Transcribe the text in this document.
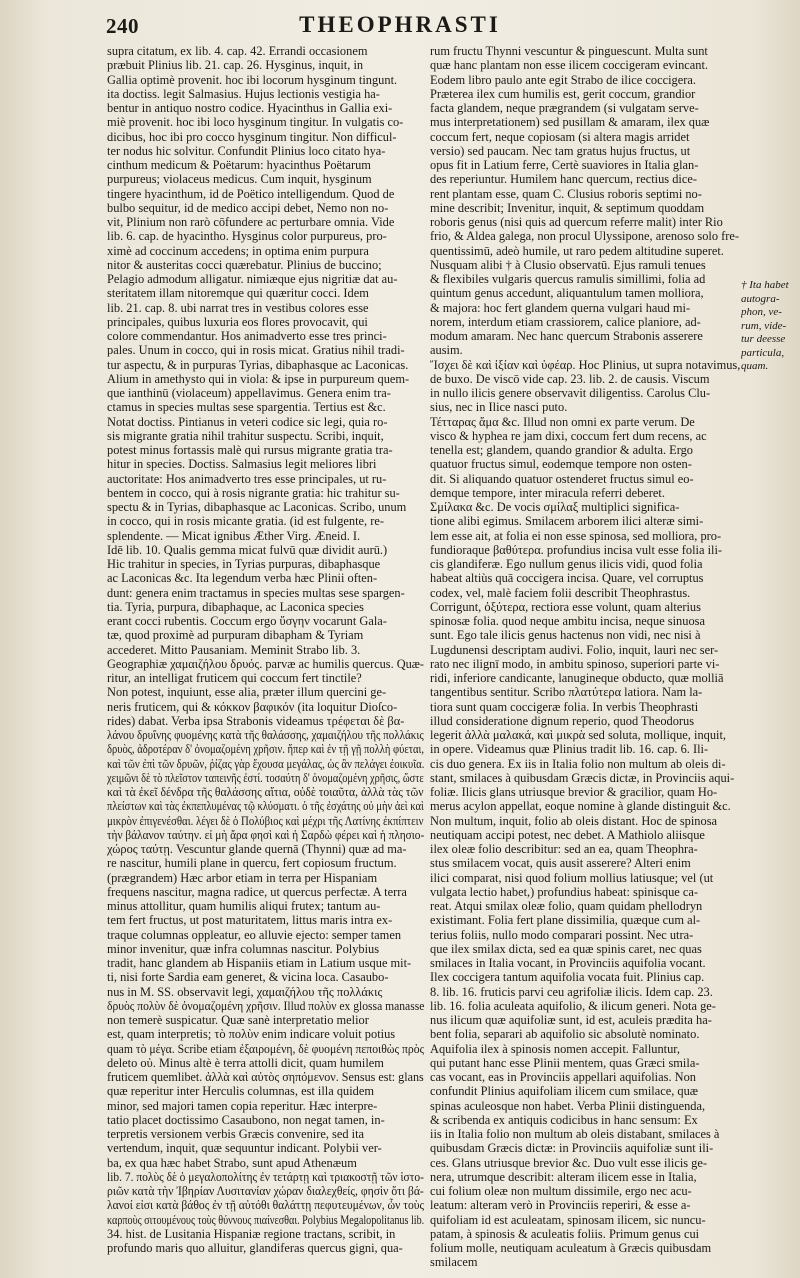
240	THEOPHRASTI
supra citatum, ex lib. 4. cap. 42. Errandi occasionem
præbuit Plinius lib. 21. cap. 26. Hysginus, inquit, in
Gallia optimè provenit. hoc ibi locorum hysginum tingunt.
ita doctiss. legit Salmasius. Hujus lectionis vestigia ha-
bentur in antiquo nostro codice. Hyacinthus in Gallia exi-
miè provenit. hoc ibi loco hysginum tingitur. In vulgatis co-
dicibus, hoc ibi pro cocco hysginum tingitur. Non difficul-
ter nodus hic solvitur. Confundit Plinius loco citato hya-
cinthum medicum & Poëtarum: hyacinthus Poëtarum
purpureus; violaceus medicus. Cum inquit, hysginum
tingere hyacinthum, id de Poëtico intelligendum. Quod de
bulbo sequitur, id de medico accipi debet, Nemo non no-
vit, Plinium non rarò cōfundere ac perturbare omnia. Vide
lib. 6. cap. de hyacintho. Hysginus color purpureus, pro-
ximè ad coccinum accedens; in optima enim purpura
nitor & austeritas cocci quærebatur. Plinius de buccino;
Pelagio admodum alligatur. nimiæque ejus nigritiæ dat au-
steritatem illam nitoremque qui quæritur cocci. Idem
lib. 21. cap. 8. ubi narrat tres in vestibus colores esse
principales, quibus luxuria eos flores provocavit, qui
colore commendantur. Hos animadverto esse tres princi-
pales. Unum in cocco, qui in rosis micat. Gratius nihil tradi-
tur aspectu, & in purpuras Tyrias, dibaphasque ac Laconicas.
Alium in amethysto qui in viola: & ipse in purpureum quem-
que ianthinū (violaceum) appellavimus. Genera enim tra-
ctamus in species multas sese spargentia. Tertius est &c.
Notat doctiss. Pintianus in veteri codice sic legi, quia ro-
sis migrante gratia nihil trahitur suspectu. Scribi, inquit,
potest minus fortassis malè qui rursus migrante gratia tra-
hitur in species. Doctiss. Salmasius legit meliores libri
auctoritate: Hos animadverto tres esse principales, ut ru-
bentem in cocco, qui à rosis nigrante gratia: hic trahitur su-
spectu & in Tyrias, dibaphasque ac Laconicas. Scribo, unum
in cocco, qui in rosis micante gratia. (id est fulgente, re-
splendente. — Micat ignibus Æther Virg. Æneid. I.
Idē lib. 10. Qualis gemma micat fulvū quæ dividit aurū.)
Hic trahitur in species, in Tyrias purpuras, dibaphasque
ac Laconicas &c. Ita legendum verba hæc Plinii often-
dunt: genera enim tractamus in species multas sese spargen-
tia. Tyria, purpura, dibaphaque, ac Laconica species
erant cocci rubentis. Coccum ergo ὕσγην vocarunt Gala-
tæ, quod proximè ad purpuram dibapham & Tyriam
accederet. Mitto Pausaniam. Meminit Strabo lib. 3.
Geographiæ χαμαιζήλου δρυός. parvæ ac humilis quercus. Quæ-
ritur, an intelligat fruticem qui coccum fert tinctile?
Non potest, inquiunt, esse alia, præter illum quercini ge-
neris fruticem, qui & κόκκον βαφικόν (ita loquitur Dioſco-
rides) dabat. Verba ipsa Strabonis videamus τρέφεται δὲ βα-
λάνου δρυΐνης φυομένης κατὰ τῆς θαλάσσης, χαμαιζήλου τῆς πολλάκις
δρυὸς, ἀδροτέραν δ' ὀνομαζομένη χρῆσιν. ἥπερ καὶ ἐν τῇ γῇ πολλὴ φύεται,
καὶ τῶν ἐπὶ τῶν δρυῶν, ῥίζας γὰρ ἔχουσα μεγάλας, ὡς ἂν πελάγει ἐοικυῖα.
χειμῶνι δὲ τὸ πλεῖστον ταπεινῆς ἐστί. τοσαύτη δ' ὀνομαζομένη χρῆσις, ὥστε
καὶ τὰ ἐκεῖ δένδρα τῆς θαλάσσης αἴτια, οὐδὲ τοιαῦτα, ἀλλὰ τὰς τῶν
πλείστων καὶ τὰς ἐκπεπλυμένας τῷ κλύσματι. ὁ τῆς ἐσχάτης οὐ μὴν ἀεὶ καὶ
μικρὸν ἐπιγενέσθαι. λέγει δὲ ὁ Πολύβιος καὶ μέχρι τῆς Λατίνης ἐκπίπτειν
τὴν βάλανον ταύτην. εἰ μὴ ἄρα φησὶ καὶ ἡ Σαρδὼ φέρει καὶ ἡ πλησιο-
χώρος ταύτῃ. Vescuntur glande quernā (Thynni) quæ ad ma-
re nascitur, humili plane in quercu, fert copiosum fructum.
(prægrandem) Hæc arbor etiam in terra per Hispaniam
frequens nascitur, magna radice, ut quercus perfectæ. A terra
minus attollitur, quam humilis aliqui frutex; tantum au-
tem fert fructus, ut post maturitatem, littus maris intra ex-
traque columnas oppleatur, eo alluvie ejecto: semper tamen
minor invenitur, quæ infra columnas nascitur. Polybius
tradit, hanc glandem ab Hispaniis etiam in Latium usque mit-
ti, nisi forte Sardia eam generet, & vicina loca. Casaubo-
nus in M. SS. observavit legi, χαμαιζήλου τῆς πολλάκις
δρυὸς πολὺν δὲ ὀνομαζομένη χρῆσιν. Illud πολὺν ex glossa manasse
non temerè suspicatur. Quæ sanè interpretatio melior
est, quam interpretis; τὸ πολὺν enim indicare voluit potius
quam τὸ μέγα. Scribe etiam ἐξαιρομένη, δὲ φυομένη πεποιθὼς πρὸς
deleto οὐ. Minus altè è terra attolli dicit, quam humilem
fruticem quemlibet. ἀλλὰ καὶ αὐτὸς σηπόμενον. Sensus est: glans
quæ reperitur inter Herculis columnas, est illa quidem
minor, sed majori tamen copia reperitur. Hæc interpre-
tatio placet doctissimo Casaubono, non negat tamen, in-
terpretis versionem verbis Græcis convenire, sed ita
vertendum, inquit, quæ sequuntur indicant. Polybii ver-
ba, ex qua hæc habet Strabo, sunt apud Athenæum
lib. 7. πολὺς δὲ ὁ μεγαλοπολίτης ἐν τετάρτῃ καὶ τριακοστῇ τῶν ἱστο-
ριῶν κατὰ τὴν Ἰβηρίαν Λυσιτανίαν χώραν διαλεχθείς, φησὶν ὅτι βά-
λανοί εἰσι κατὰ βάθος ἐν τῇ αὐτόθι θαλάττῃ πεφυτευμένων, ὧν τοὺς
καρποὺς σιτουμένους τοὺς θύννους πιαίνεσθαι. Polybius Megalopolitanus lib.
34. hist. de Lusitania Hispaniæ regione tractans, scribit, in
profundo maris quo alluitur, glandiferas quercus gigni, qua-
rum fructu Thynni vescuntur & pinguescunt. Multa sunt
quæ hanc plantam non esse ilicem coccigeram evincant.
Eodem libro paulo ante egit Strabo de ilice coccigera.
Præterea ilex cum humilis est, gerit coccum, grandior
facta glandem, neque prægrandem (si vulgatam serve-
mus interpretationem) sed pusillam & amaram, ilex quæ
coccum fert, neque copiosam (si altera magis arridet
versio) sed paucam. Nec tam gratus hujus fructus, ut
opus fit in Latium ferre, Certè suaviores in Italia glan-
des reperiuntur. Humilem hanc quercum, rectius dice-
rent plantam esse, quam C. Clusius roboris septimi no-
mine describit; Invenitur, inquit, & septimum quoddam
roboris genus (nisi quis ad quercum referre malit) inter Rio
frio, & Aldea galega, non procul Ulyssipone, arenoso solo fre-
quentissimū, adeò humile, ut raro pedem altitudine superet.
Nusquam alibi † à Clusio observatū. Ejus ramuli tenues
& flexibiles vulgaris quercus ramulis simillimi, folia ad
quintum genus accedunt, aliquantulum tamen molliora,
& majora: hoc fert glandem querna vulgari haud mi-
norem, interdum etiam crassiorem, calice planiore, ad-
modum amaram. Nec hanc quercum Strabonis asserere
ausim.
Ἴσχει δὲ καὶ ἰξίαν καὶ ὑφέαρ. Hoc Plinius, ut supra notavimus,
de buxo. De viscō vide cap. 23. lib. 2. de causis. Viscum
in nullo ilicis genere observavit diligentiss. Carolus Clu-
sius, nec in Ilice nasci puto.
Τέτταρας ἅμα &c. Illud non omni ex parte verum. De
visco & hyphea re jam dixi, coccum fert dum recens, ac
tenella est; glandem, quando grandior & adulta. Ergo
quatuor fructus simul, eodemque tempore non osten-
dit. Si aliquando quatuor ostenderet fructus simul eo-
demque tempore, inter miracula referri deberet.
Σμίλακα &c. De vocis σμίλαξ multiplici significa-
tione alibi egimus. Smilacem arborem ilici alteræ simi-
lem esse ait, at folia ei non esse spinosa, sed molliora, pro-
fundioraque βαθύτερα. profundius incisa vult esse folia ili-
cis glandiferæ. Ego nullum genus ilicis vidi, quod folia
habeat altiùs quā coccigera incisa. Quare, vel corruptus
codex, vel, malè faciem folii describit Theophrastus.
Corrigunt, ὀξύτερα, rectiora esse volunt, quam alterius
spinosæ folia. quod neque ambitu incisa, neque sinuosa
sunt. Ego tale ilicis genus hactenus non vidi, nec nisi à
Lugdunensi descriptam audivi. Folio, inquit, lauri nec ser-
rato nec ilignī modo, in ambitu spinoso, superiori parte vi-
ridi, inferiore candicante, lanugineque obducto, quæ molliā
tangentibus sentitur. Scribo πλατύτερα latiora. Nam la-
tiora sunt quam coccigeræ folia. In verbis Theophrasti
illud consideratione dignum reperio, quod Theodorus
legerit ἀλλὰ μαλακά, καὶ μικρὰ sed soluta, mollique, inquit,
in opere. Videamus quæ Plinius tradit lib. 16. cap. 6. Ili-
cis duo genera. Ex iis in Italia folio non multum ab oleis di-
stant, smilaces à quibusdam Græcis dictæ, in Provinciis aqui-
foliæ. Ilicis glans utriusque brevior & gracilior, quam Ho-
merus acylon appellat, eoque nomine à glande distinguit &c.
Non multum, inquit, folio ab oleis distant. Hoc de spinosa
neutiquam accipi potest, nec debet. A Mathiolo aliisque
ilex oleæ folio describitur: sed an ea, quam Theophra-
stus smilacem vocat, quis ausit asserere? Alteri enim
ilici comparat, nisi quod folium mollius latiusque; vel (ut
vulgata lectio habet,) profundius habeat: spinisque ca-
reat. Atqui smilax oleæ folio, quam quidam phellodryn
existimant. Folia fert plane dissimilia, quæque cum al-
terius foliis, nullo modo comparari possint. Nec utra-
que ilex smilax dicta, sed ea quæ spinis caret, nec quas
smilaces in Italia vocant, in Provinciis aquifolia vocant.
Ilex coccigera tantum aquifolia vocata fuit. Plinius cap.
8. lib. 16. fruticis parvi ceu agrifoliæ ilicis. Idem cap. 23.
lib. 16. folia aculeata aquifolio, & ilicum generi. Nota ge-
nus ilicum quæ aquifoliæ sunt, id est, aculeis prædita ha-
bent folia, separari ab aquifolio sic absolutè nominato.
Aquifolia ilex à spinosis nomen accepit. Falluntur,
qui putant hanc esse Plinii mentem, quas Græci smila-
cas vocant, eas in Provinciis appellari aquifolias. Non
confundit Plinius aquifoliam ilicem cum smilace, quæ
spinas aculeosque non habet. Verba Plinii distinguenda,
& scribenda ex antiquis codicibus in hanc sensum: Ex
iis in Italia folio non multum ab oleis distabant, smilaces à
quibusdam Græcis dictæ: in Provinciis aquifoliæ sunt ili-
ces. Glans utriusque brevior &c. Duo vult esse ilicis ge-
nera, utrumque describit: alteram ilicem esse in Italia,
cui folium oleæ non multum dissimile, ergo nec acu-
leatum: alteram verò in Provinciis reperiri, & esse a-
quifoliam id est aculeatam, spinosam ilicem, sic nuncu-
patam, à spinosis & aculeatis foliis. Primum genus cui
folium molle, neutiquam aculeatum à Græcis quibusdam
smilacem
† Ita habet
autogra-
phon, ve-
rum, vide-
tur deesse
particula,
quam.
